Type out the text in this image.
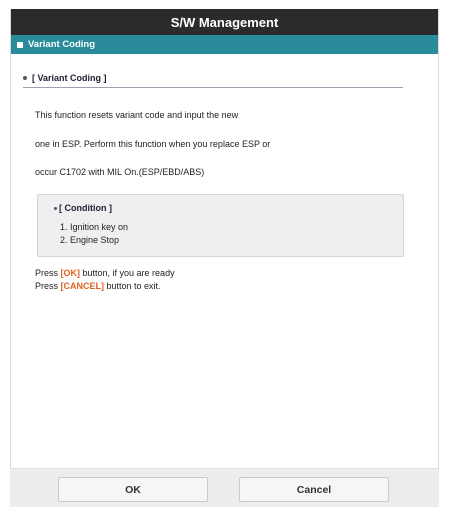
S/W Management
Variant Coding
[ Variant Coding ]
This function resets variant code and input the new
one in ESP. Perform this function when you replace ESP or
occur C1702 with MIL On.(ESP/EBD/ABS)
[ Condition ]
1. Ignition key on
2. Engine Stop
Press [OK] button, if you are ready
Press [CANCEL] button to exit.
OK	Cancel
